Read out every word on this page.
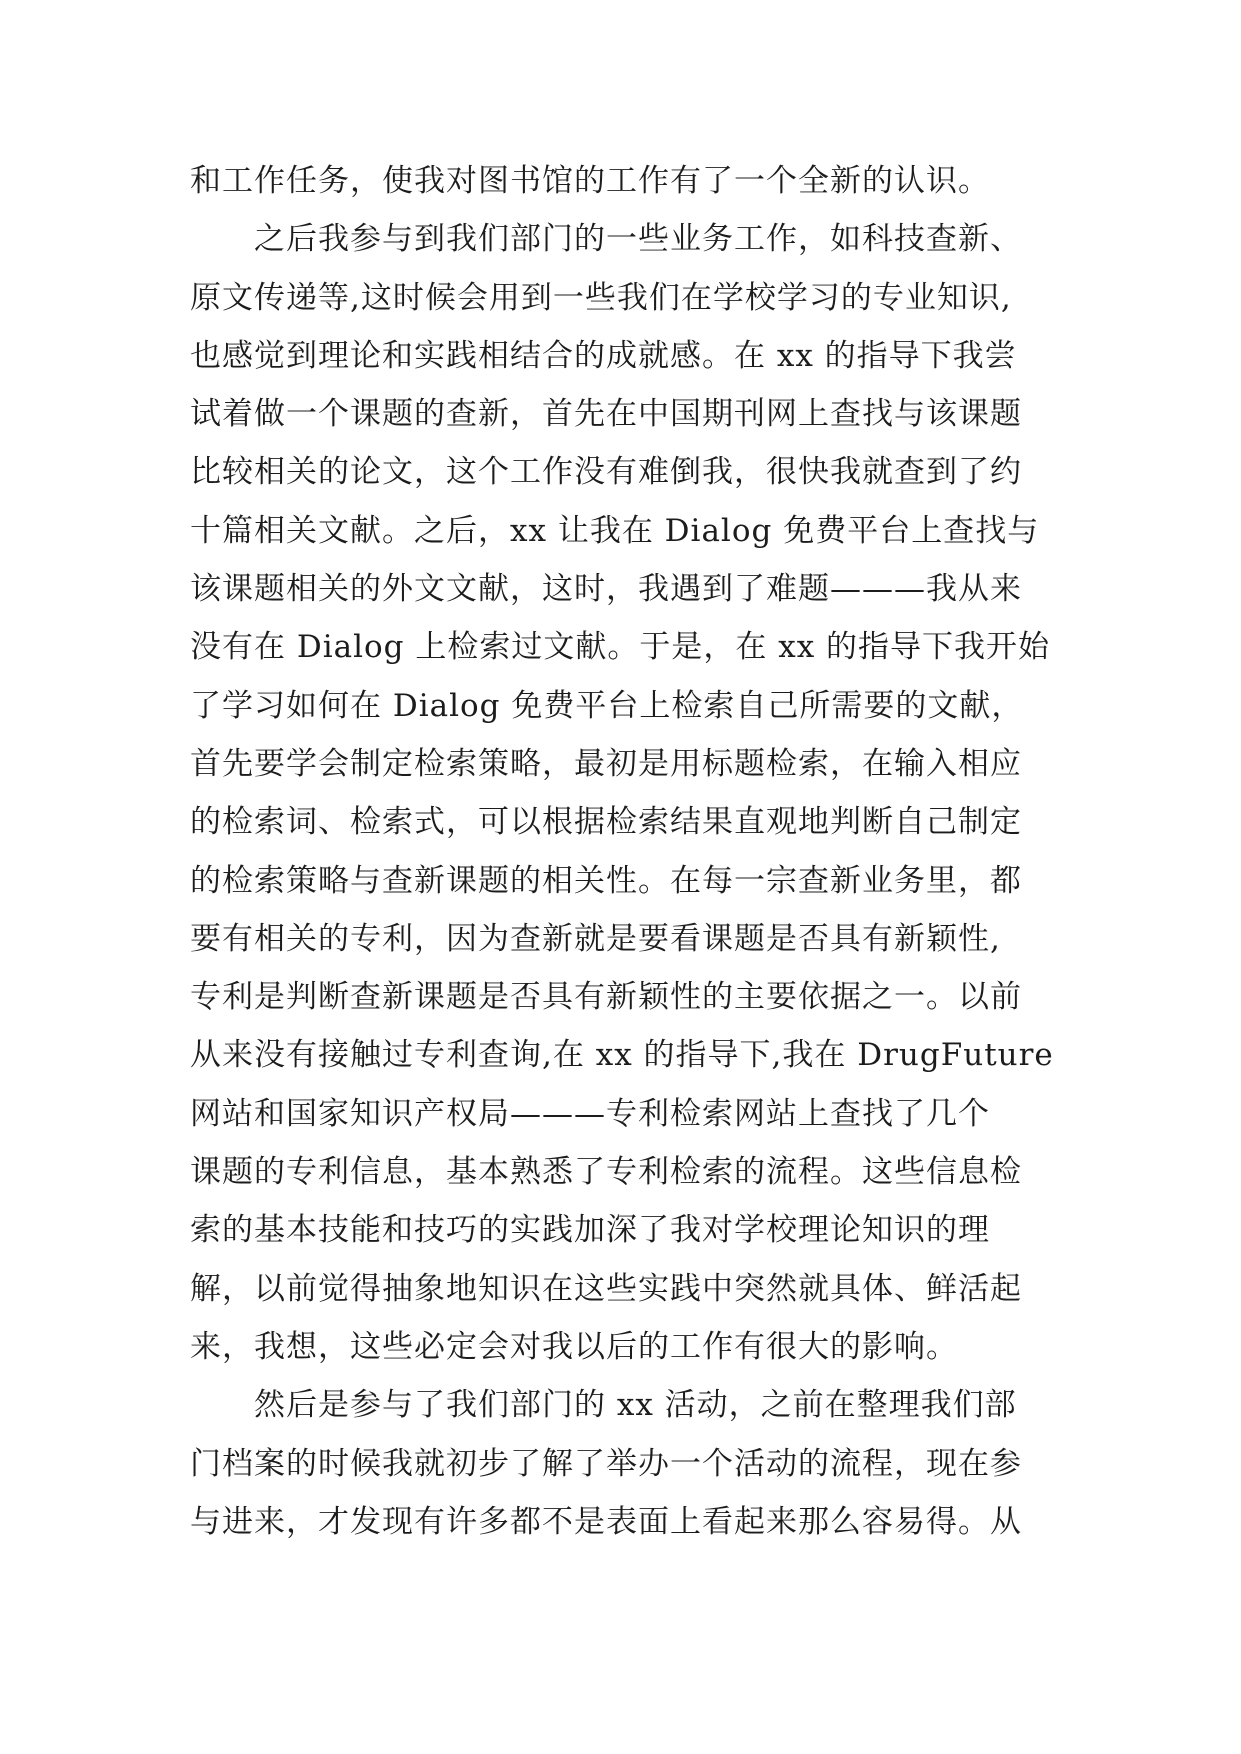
和工作任务，使我对图书馆的工作有了一个全新的认识。
之后我参与到我们部门的一些业务工作，如科技查新、
原文传递等,这时候会用到一些我们在学校学习的专业知识,
也感觉到理论和实践相结合的成就感。在 xx 的指导下我尝
试着做一个课题的查新，首先在中国期刊网上查找与该课题
比较相关的论文，这个工作没有难倒我，很快我就查到了约
十篇相关文献。之后，xx 让我在 Dialog 免费平台上查找与
该课题相关的外文文献，这时，我遇到了难题———我从来
没有在 Dialog 上检索过文献。于是，在 xx 的指导下我开始
了学习如何在 Dialog 免费平台上检索自己所需要的文献，
首先要学会制定检索策略，最初是用标题检索，在输入相应
的检索词、检索式，可以根据检索结果直观地判断自己制定
的检索策略与查新课题的相关性。在每一宗查新业务里，都
要有相关的专利，因为查新就是要看课题是否具有新颖性,
专利是判断查新课题是否具有新颖性的主要依据之一。以前
从来没有接触过专利查询,在 xx 的指导下,我在 DrugFuture
网站和国家知识产权局———专利检索网站上查找了几个
课题的专利信息，基本熟悉了专利检索的流程。这些信息检
索的基本技能和技巧的实践加深了我对学校理论知识的理
解，以前觉得抽象地知识在这些实践中突然就具体、鲜活起
来，我想，这些必定会对我以后的工作有很大的影响。
然后是参与了我们部门的 xx 活动，之前在整理我们部
门档案的时候我就初步了解了举办一个活动的流程，现在参
与进来，才发现有许多都不是表面上看起来那么容易得。从
